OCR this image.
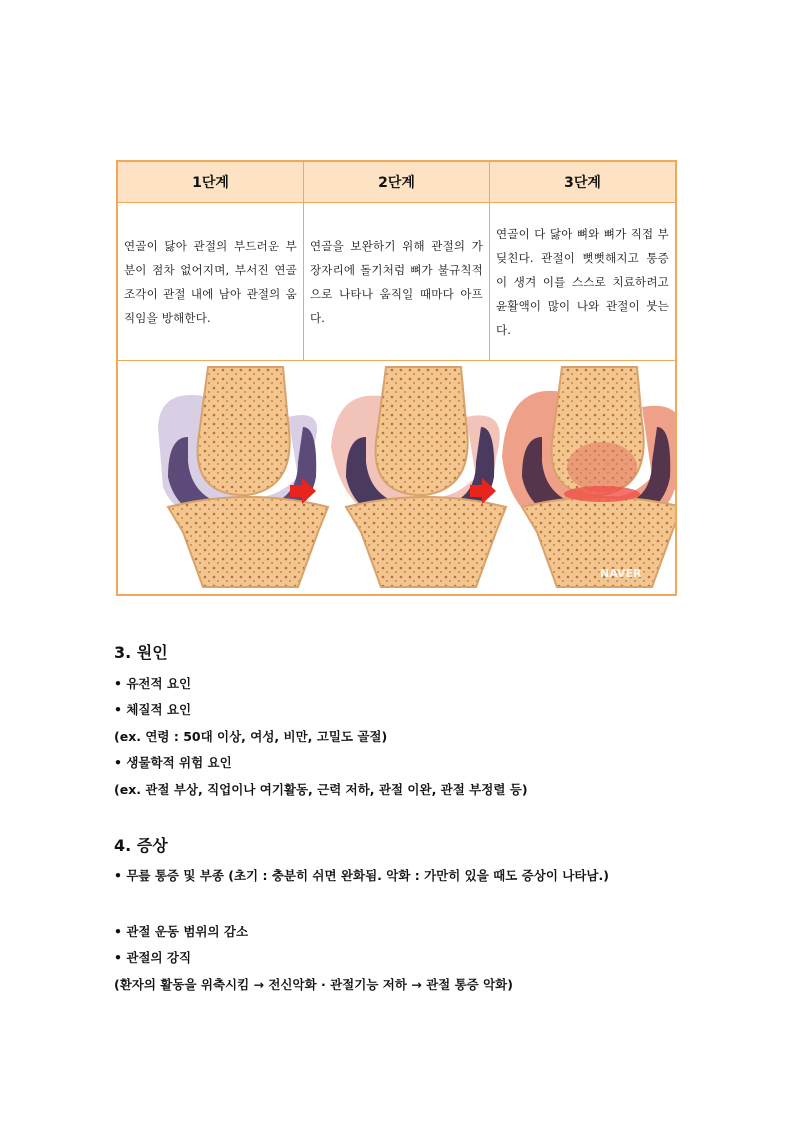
1단계	2단계	3단계

연골이 닳아 관절의 부드러운 부분이 점차 없어지며, 부서진 연골 조각이 관절 내에 남아 관절의 움직임을 방해한다.

연골을 보완하기 위해 관절의 가장자리에 돌기처럼 뼈가 불규칙적으로 나타나 움직일 때마다 아프다.

연골이 다 닳아 뼈와 뼈가 직접 부딪친다. 관절이 뻣뻣해지고 통증이 생겨 이를 스스로 치료하려고 윤활액이 많이 나와 관절이 붓는다.

NAVER
3. 원인

• 유전적 요인

• 체질적 요인

(ex. 연령 : 50대 이상, 여성, 비만, 고밀도 골절)

• 생물학적 위험 요인

(ex. 관절 부상, 직업이나 여기활동, 근력 저하, 관절 이완, 관절 부정렬 등)

4. 증상

• 무릎 통증 및 부종 (초기 : 충분히 쉬면 완화됨. 악화 : 가만히 있을 때도 증상이 나타남.)

• 관절 운동 범위의 감소

• 관절의 강직

(환자의 활동을 위축시킴 → 전신악화 · 관절기능 저하 → 관절 통증 악화)
